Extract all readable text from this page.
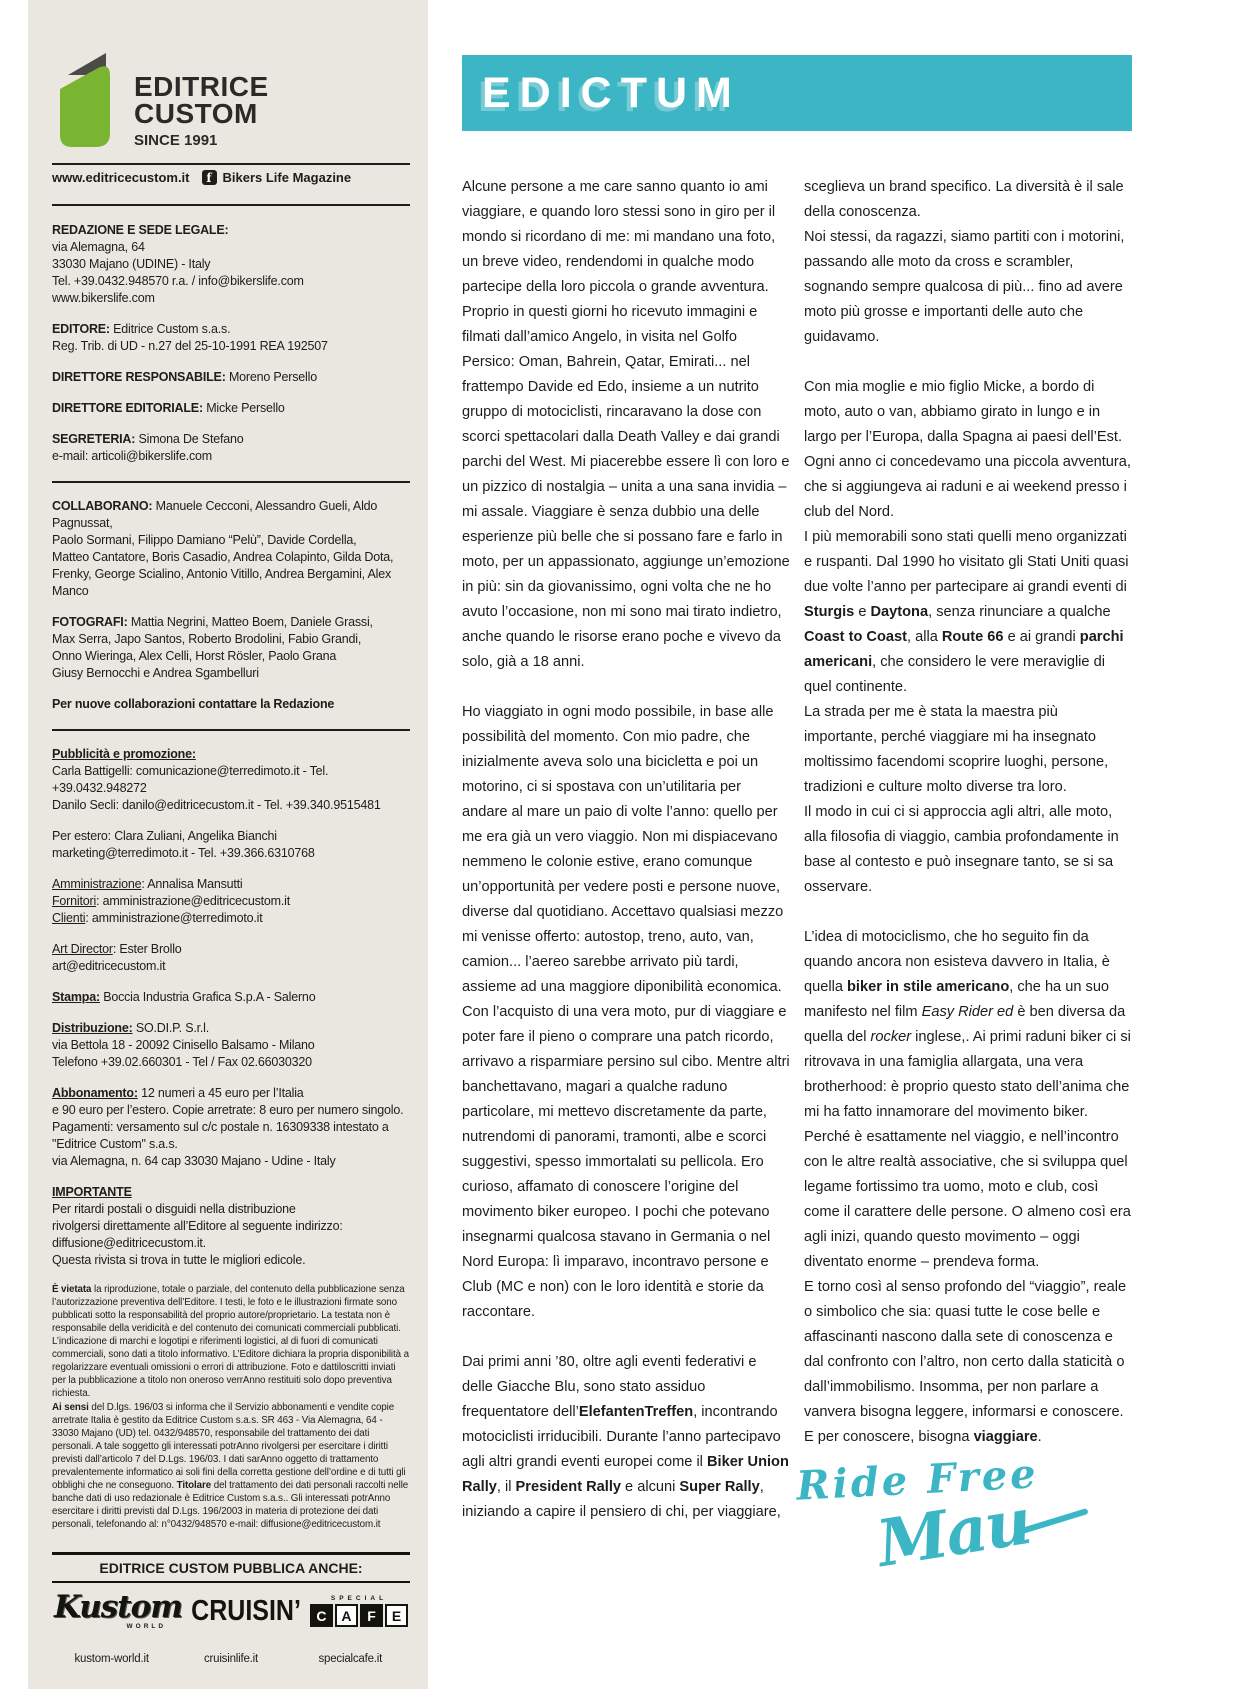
EDITRICE
CUSTOM
SINCE 1991
www.editricecustom.it	f Bikers Life Magazine
REDAZIONE E SEDE LEGALE:
via Alemagna, 64
33030 Majano (UDINE) - Italy
Tel. +39.0432.948570 r.a. / info@bikerslife.com
www.bikerslife.com
EDITORE: Editrice Custom s.a.s.
Reg. Trib. di UD - n.27 del 25-10-1991 REA 192507
DIRETTORE RESPONSABILE: Moreno Persello
DIRETTORE EDITORIALE: Micke Persello
SEGRETERIA: Simona De Stefano
e-mail: articoli@bikerslife.com
COLLABORANO: Manuele Cecconi, Alessandro Gueli, Aldo Pagnussat,
Paolo Sormani, Filippo Damiano “Pelù”, Davide Cordella,
Matteo Cantatore, Boris Casadio, Andrea Colapinto, Gilda Dota,
Frenky, George Scialino, Antonio Vitillo, Andrea Bergamini, Alex Manco
FOTOGRAFI: Mattia Negrini, Matteo Boem, Daniele Grassi,
Max Serra, Japo Santos, Roberto Brodolini, Fabio Grandi,
Onno Wieringa, Alex Celli, Horst Rösler, Paolo Grana
Giusy Bernocchi e Andrea Sgambelluri
Per nuove collaborazioni contattare la Redazione
Pubblicità e promozione:
Carla Battigelli: comunicazione@terredimoto.it - Tel. +39.0432.948272
Danilo Secli: danilo@editricecustom.it - Tel. +39.340.9515481
Per estero: Clara Zuliani, Angelika Bianchi
marketing@terredimoto.it - Tel. +39.366.6310768
Amministrazione: Annalisa Mansutti
Fornitori: amministrazione@editricecustom.it
Clienti: amministrazione@terredimoto.it
Art Director: Ester Brollo
art@editricecustom.it
Stampa: Boccia Industria Grafica S.p.A - Salerno
Distribuzione: SO.DI.P. S.r.l.
via Bettola 18 - 20092 Cinisello Balsamo - Milano
Telefono +39.02.660301 - Tel / Fax 02.66030320
Abbonamento: 12 numeri a 45 euro per l’Italia
e 90 euro per l’estero. Copie arretrate: 8 euro per numero singolo.
Pagamenti: versamento sul c/c postale n. 16309338 intestato a
"Editrice Custom" s.a.s.
via Alemagna, n. 64 cap 33030 Majano - Udine - Italy
IMPORTANTE
Per ritardi postali o disguidi nella distribuzione
rivolgersi direttamente all’Editore al seguente indirizzo:
diffusione@editricecustom.it.
Questa rivista si trova in tutte le migliori edicole.
È vietata la riproduzione, totale o parziale, del contenuto della pubblicazione senza l’autorizzazione preventiva dell’Editore. I testi, le foto e le illustrazioni firmate sono pubblicati sotto la responsabilità del proprio autore/proprietario. La testata non è responsabile della veridicità e del contenuto dei comunicati commerciali pubblicati. L’indicazione di marchi e logotipi e riferimenti logistici, al di fuori di comunicati commerciali, sono dati a titolo informativo. L’Editore dichiara la propria disponibilità a regolarizzare eventuali omissioni o errori di attribuzione. Foto e dattiloscritti inviati per la pubblicazione a titolo non oneroso verrAnno restituiti solo dopo preventiva richiesta.
Ai sensi del D.lgs. 196/03 si informa che il Servizio abbonamenti e vendite copie arretrate Italia è gestito da Editrice Custom s.a.s. SR 463 - Via Alemagna, 64 - 33030 Majano (UD) tel. 0432/948570, responsabile del trattamento dei dati personali. A tale soggetto gli interessati potrAnno rivolgersi per esercitare i diritti previsti dall’articolo 7 del D.Lgs. 196/03. I dati sarAnno oggetto di trattamento prevalentemente informatico ai soli fini della corretta gestione dell’ordine e di tutti gli obblighi che ne conseguono. Titolare del trattamento dei dati personali raccolti nelle banche dati di uso redazionale è Editrice Custom s.a.s.. Gli interessati potrAnno esercitare i diritti previsti dal D.Lgs. 196/2003 in materia di protezione dei dati personali, telefonando al: n°0432/948570 e-mail: diffusione@editricecustom.it
EDITRICE CUSTOM PUBBLICA ANCHE:
Kustom
WORLD	CRUISIN’	SPECIAL
C	A	F	E
kustom-world.it	cruisinlife.it	specialcafe.it
EDICTUM
Alcune persone a me care sanno quanto io ami viaggiare, e quando loro stessi sono in giro per il mondo si ricordano di me: mi mandano una foto, un breve video, rendendomi in qualche modo partecipe della loro piccola o grande avventura. Proprio in questi giorni ho ricevuto immagini e filmati dall’amico Angelo, in visita nel Golfo Persico: Oman, Bahrein, Qatar, Emirati... nel frattempo Davide ed Edo, insieme a un nutrito gruppo di motociclisti, rincaravano la dose con scorci spettacolari dalla Death Valley e dai grandi parchi del West. Mi piacerebbe essere lì con loro e un pizzico di nostalgia – unita a una sana invidia – mi assale. Viaggiare è senza dubbio una delle esperienze più belle che si possano fare e farlo in moto, per un appassionato, aggiunge un’emozione in più: sin da giovanissimo, ogni volta che ne ho avuto l’occasione, non mi sono mai tirato indietro, anche quando le risorse erano poche e vivevo da solo, già a 18 anni.
Ho viaggiato in ogni modo possibile, in base alle possibilità del momento. Con mio padre, che inizialmente aveva solo una bicicletta e poi un motorino, ci si spostava con un’utilitaria per andare al mare un paio di volte l’anno: quello per me era già un vero viaggio. Non mi dispiacevano nemmeno le colonie estive, erano comunque un’opportunità per vedere posti e persone nuove, diverse dal quotidiano. Accettavo qualsiasi mezzo mi venisse offerto: autostop, treno, auto, van, camion... l’aereo sarebbe arrivato più tardi, assieme ad una maggiore diponibilità economica. Con l’acquisto di una vera moto, pur di viaggiare e poter fare il pieno o comprare una patch ricordo, arrivavo a risparmiare persino sul cibo. Mentre altri banchettavano, magari a qualche raduno particolare, mi mettevo discretamente da parte, nutrendomi di panorami, tramonti, albe e scorci suggestivi, spesso immortalati su pellicola. Ero curioso, affamato di conoscere l’origine del movimento biker europeo. I pochi che potevano insegnarmi qualcosa stavano in Germania o nel Nord Europa: lì imparavo, incontravo persone e Club (MC e non) con le loro identità e storie da raccontare.
Dai primi anni ’80, oltre agli eventi federativi e delle Giacche Blu, sono stato assiduo frequentatore dell’ElefantenTreffen, incontrando motociclisti irriducibili. Durante l’anno partecipavo agli altri grandi eventi europei come il Biker Union Rally, il President Rally e alcuni Super Rally, iniziando a capire il pensiero di chi, per viaggiare,
sceglieva un brand specifico. La diversità è il sale della conoscenza.
Noi stessi, da ragazzi, siamo partiti con i motorini, passando alle moto da cross e scrambler, sognando sempre qualcosa di più... fino ad avere moto più grosse e importanti delle auto che guidavamo.
Con mia moglie e mio figlio Micke, a bordo di moto, auto o van, abbiamo girato in lungo e in largo per l’Europa, dalla Spagna ai paesi dell’Est. Ogni anno ci concedevamo una piccola avventura, che si aggiungeva ai raduni e ai weekend presso i club del Nord.
I più memorabili sono stati quelli meno organizzati e ruspanti. Dal 1990 ho visitato gli Stati Uniti quasi due volte l’anno per partecipare ai grandi eventi di Sturgis e Daytona, senza rinunciare a qualche Coast to Coast, alla Route 66 e ai grandi parchi americani, che considero le vere meraviglie di quel continente.
La strada per me è stata la maestra più importante, perché viaggiare mi ha insegnato moltissimo facendomi scoprire luoghi, persone, tradizioni e culture molto diverse tra loro.
Il modo in cui ci si approccia agli altri, alle moto, alla filosofia di viaggio, cambia profondamente in base al contesto e può insegnare tanto, se si sa osservare.
L’idea di motociclismo, che ho seguito fin da quando ancora non esisteva davvero in Italia, è quella biker in stile americano, che ha un suo manifesto nel film Easy Rider ed è ben diversa da quella del rocker inglese,. Ai primi raduni biker ci si ritrovava in una famiglia allargata, una vera brotherhood: è proprio questo stato dell’anima che mi ha fatto innamorare del movimento biker. Perché è esattamente nel viaggio, e nell’incontro con le altre realtà associative, che si sviluppa quel legame fortissimo tra uomo, moto e club, così come il carattere delle persone. O almeno così era agli inizi, quando questo movimento – oggi diventato enorme – prendeva forma.
E torno così al senso profondo del “viaggio”, reale o simbolico che sia: quasi tutte le cose belle e affascinanti nascono dalla sete di conoscenza e dal confronto con l’altro, non certo dalla staticità o dall’immobilismo. Insomma, per non parlare a vanvera bisogna leggere, informarsi e conoscere.
E per conoscere, bisogna viaggiare.
Ride Free
Mau
